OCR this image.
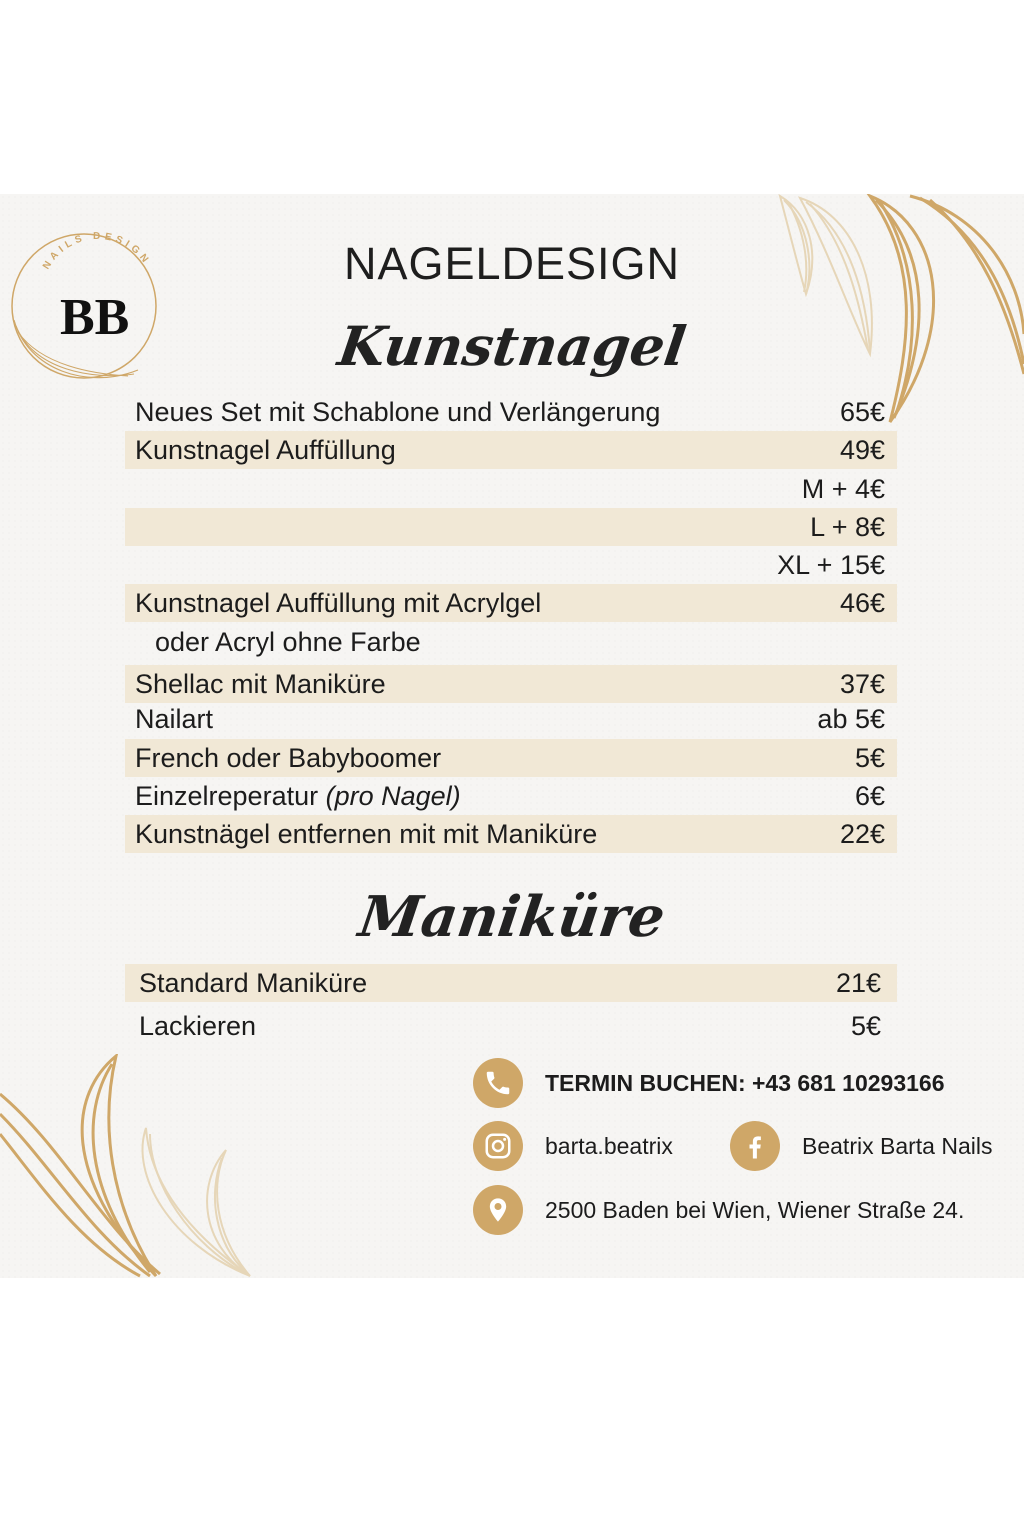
NAILS DESIGN
BB
NAGELDESIGN
Kunstnagel
Neues Set mit Schablone und Verlängerung	65€
Kunstnagel Auffüllung	49€
M + 4€
L + 8€
XL + 15€
Kunstnagel Auffüllung mit Acrylgel	46€
oder Acryl ohne Farbe
Shellac mit Maniküre	37€
Nailart	ab 5€
French oder Babyboomer	5€
Einzelreperatur (pro Nagel)	6€
Kunstnägel entfernen mit mit Maniküre	22€
Maniküre
Standard Maniküre	21€
Lackieren	5€
TERMIN BUCHEN: +43 681 10293166
barta.beatrix	Beatrix Barta Nails
2500 Baden bei Wien, Wiener Straße 24.
